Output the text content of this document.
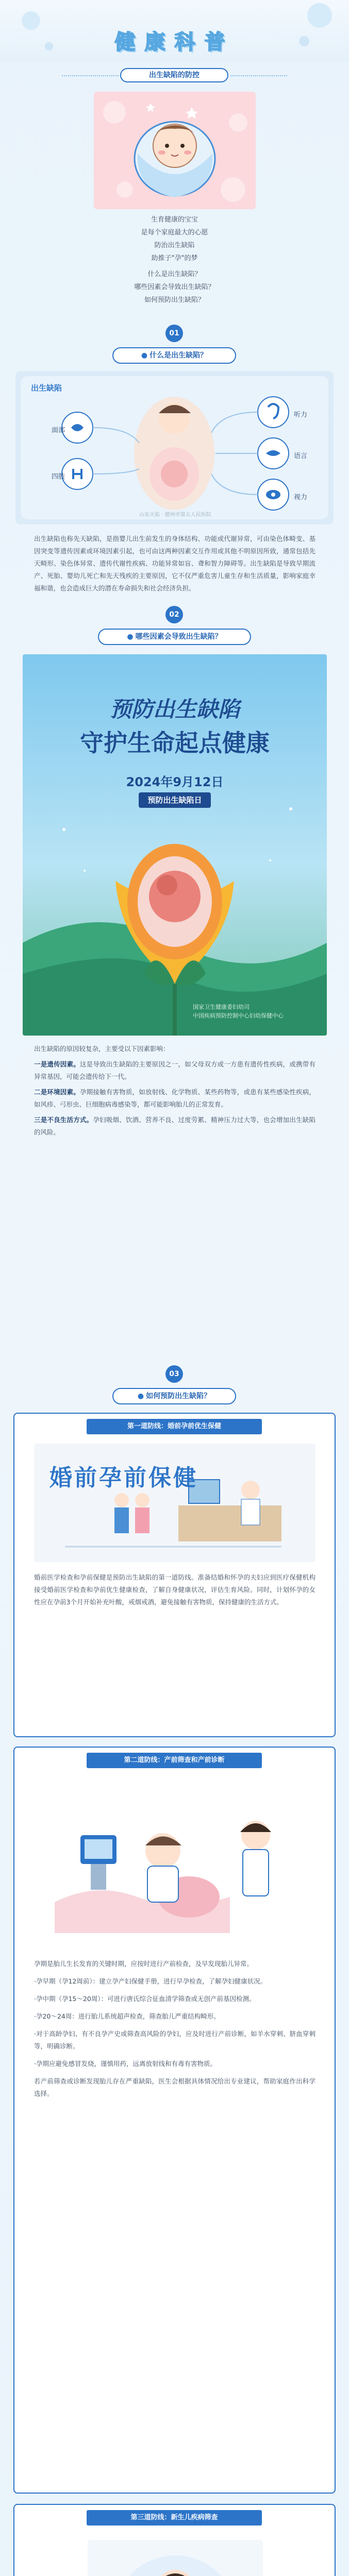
健康科普
出生缺陷的防控
生育健康的宝宝
是每个家庭最大的心愿
防治出生缺陷
助推子"孕"的梦
什么是出生缺陷？
哪些因素会导致出生缺陷？
如何预防出生缺陷？
01
● 什么是出生缺陷？
出生缺陷
面部
四肢
听力
语言
视力
山东天佑 · 德州市第五人民医院
出生缺陷也称先天缺陷，是指婴儿出生前发生的身体结构、功能或代谢异常，可由染色体畸变、基因突变等遗传因素或环境因素引起，也可由这两种因素交互作用或其他不明原因所致，通常包括先天畸形、染色体异常、遗传代谢性疾病、功能异常如盲、聋和智力障碍等。出生缺陷是导致早期流产、死胎、婴幼儿死亡和先天残疾的主要原因，它不仅严重危害儿童生存和生活质量，影响家庭幸福和谐，也会造成巨大的潜在寿命损失和社会经济负担。
02
● 哪些因素会导致出生缺陷？
预防出生缺陷
守护生命起点健康
2024年9月12日
预防出生缺陷日
国家卫生健康委妇幼司
中国疾病预防控制中心妇幼保健中心

出生缺陷的原因较复杂，主要受以下因素影响：

一是遗传因素。这是导致出生缺陷的主要原因之一，如父母双方或一方患有遗传性疾病，或携带有异常基因，可能会遗传给下一代。

二是环境因素。孕期接触有害物质，如放射线、化学物质、某些药物等，或患有某些感染性疾病，如风疹、弓形虫、巨细胞病毒感染等，都可能影响胎儿的正常发育。

三是不良生活方式。孕妇吸烟、饮酒、营养不良、过度劳累、精神压力过大等，也会增加出生缺陷的风险。

03
● 如何预防出生缺陷？
第一道防线：婚前孕前优生保健
婚前孕前保健
婚前医学检查和孕前保健是预防出生缺陷的第一道防线。准备结婚和怀孕的夫妇应到医疗保健机构接受婚前医学检查和孕前优生健康检查，了解自身健康状况，评估生育风险。同时，计划怀孕的女性应在孕前3个月开始补充叶酸，戒烟戒酒，避免接触有害物质，保持健康的生活方式。
第二道防线：产前筛查和产前诊断

孕期是胎儿生长发育的关键时期，应按时进行产前检查，及早发现胎儿异常。

·孕早期（孕12周前）：建立孕产妇保健手册，进行早孕检查，了解孕妇健康状况。

·孕中期（孕15～20周）：可进行唐氏综合征血清学筛查或无创产前基因检测。

·孕20～24周：进行胎儿系统超声检查，筛查胎儿严重结构畸形。

·对于高龄孕妇、有不良孕产史或筛查高风险的孕妇，应及时进行产前诊断，如羊水穿刺、脐血穿刺等，明确诊断。

·孕期应避免感冒发烧，谨慎用药，远离放射线和有毒有害物质。

若产前筛查或诊断发现胎儿存在严重缺陷，医生会根据具体情况给出专业建议，帮助家庭作出科学选择。

第三道防线：新生儿疾病筛查
